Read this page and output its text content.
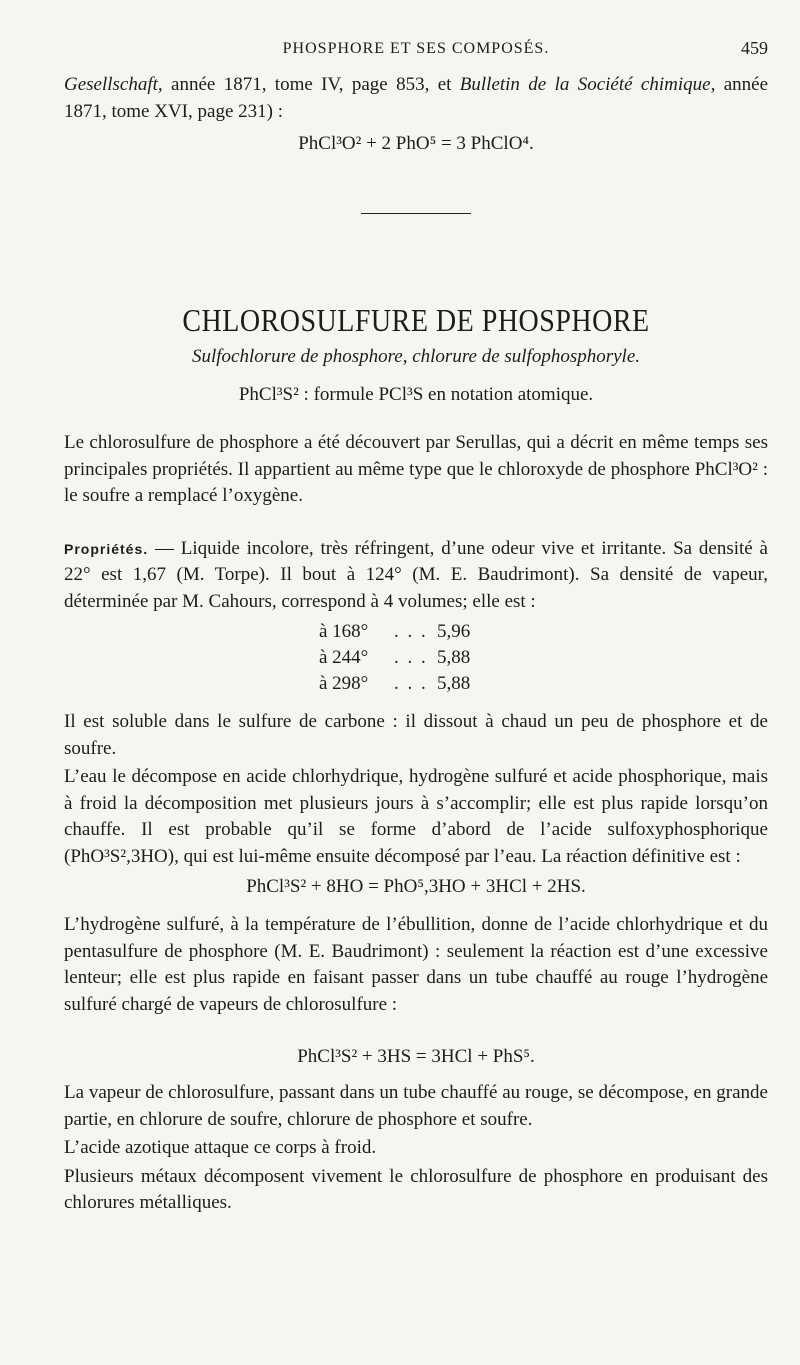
PHOSPHORE ET SES COMPOSÉS.	459

Gesellschaft, année 1871, tome IV, page 853, et Bulletin de la Société chimique, année 1871, tome XVI, page 231) :

PhCl³O² + 2 PhO⁵ = 3 PhClO⁴.
CHLOROSULFURE DE PHOSPHORE
Sulfochlorure de phosphore, chlorure de sulfophosphoryle.
PhCl³S² : formule PCl³S en notation atomique.

Le chlorosulfure de phosphore a été découvert par Serullas, qui a décrit en même temps ses principales propriétés. Il appartient au même type que le chloroxyde de phosphore PhCl³O² : le soufre a remplacé l’oxygène.

Propriétés. — Liquide incolore, très réfringent, d’une odeur vive et irritante. Sa densité à 22° est 1,67 (M. Torpe). Il bout à 124° (M. E. Baudrimont). Sa densité de vapeur, déterminée par M. Cahours, correspond à 4 volumes; elle est :

à 168° . . . 5,96
à 244° . . . 5,88
à 298° . . . 5,88

Il est soluble dans le sulfure de carbone : il dissout à chaud un peu de phosphore et de soufre.

L’eau le décompose en acide chlorhydrique, hydrogène sulfuré et acide phosphorique, mais à froid la décomposition met plusieurs jours à s’accomplir; elle est plus rapide lorsqu’on chauffe. Il est probable qu’il se forme d’abord de l’acide sulfoxyphosphorique (PhO³S²,3HO), qui est lui-même ensuite décomposé par l’eau. La réaction définitive est :

PhCl³S² + 8HO = PhO⁵,3HO + 3HCl + 2HS.

L’hydrogène sulfuré, à la température de l’ébullition, donne de l’acide chlorhydrique et du pentasulfure de phosphore (M. E. Baudrimont) : seulement la réaction est d’une excessive lenteur; elle est plus rapide en faisant passer dans un tube chauffé au rouge l’hydrogène sulfuré chargé de vapeurs de chlorosulfure :

PhCl³S² + 3HS = 3HCl + PhS⁵.

La vapeur de chlorosulfure, passant dans un tube chauffé au rouge, se décompose, en grande partie, en chlorure de soufre, chlorure de phosphore et soufre.

L’acide azotique attaque ce corps à froid.

Plusieurs métaux décomposent vivement le chlorosulfure de phosphore en produisant des chlorures métalliques.
